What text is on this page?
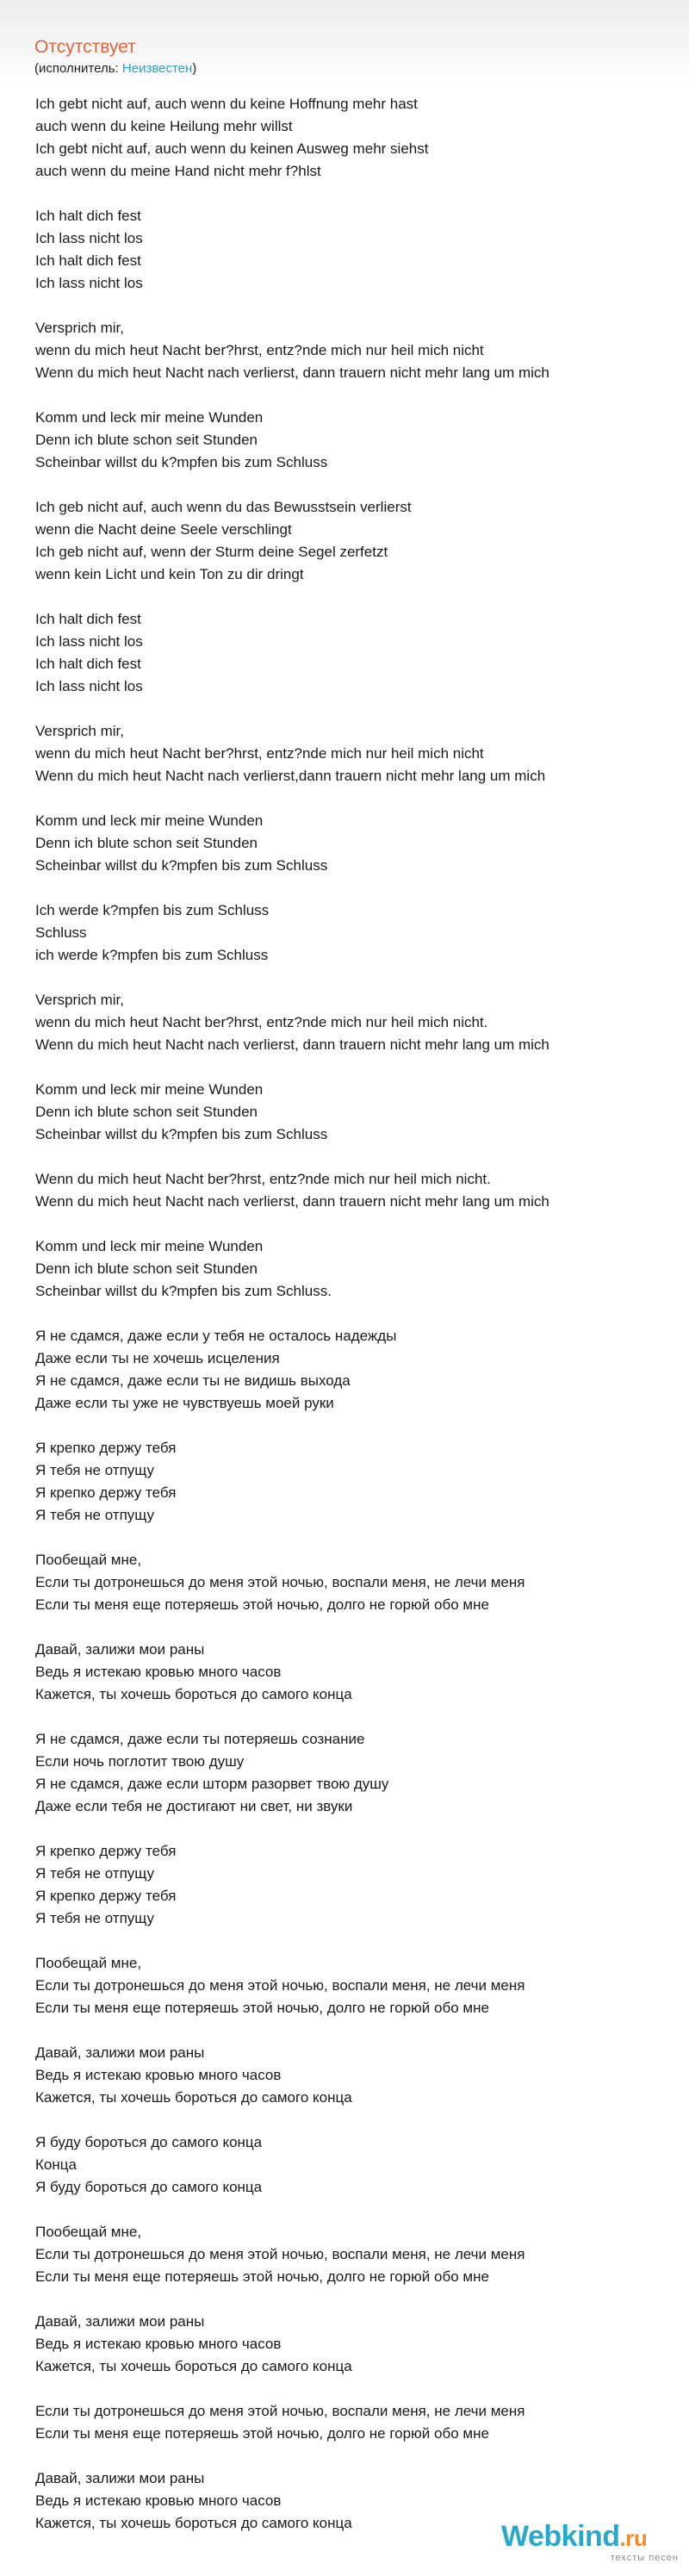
Отсутствует
(исполнитель: Неизвестен)
Ich gebt nicht auf, auch wenn du keine Hoffnung mehr hast
auch wenn du keine Heilung mehr willst
Ich gebt nicht auf, auch wenn du keinen Ausweg mehr siehst
auch wenn du meine Hand nicht mehr f?hlst
Ich halt dich fest
Ich lass nicht los
Ich halt dich fest
Ich lass nicht los
Versprich mir,
wenn du mich heut Nacht ber?hrst, entz?nde mich nur heil mich nicht
Wenn du mich heut Nacht nach verlierst, dann trauern nicht mehr lang um mich
Komm und leck mir meine Wunden
Denn ich blute schon seit Stunden
Scheinbar willst du k?mpfen bis zum Schluss
Ich geb nicht auf, auch wenn du das Bewusstsein verlierst
wenn die Nacht deine Seele verschlingt
Ich geb nicht auf, wenn der Sturm deine Segel zerfetzt
wenn kein Licht und kein Ton zu dir dringt
Ich halt dich fest
Ich lass nicht los
Ich halt dich fest
Ich lass nicht los
Versprich mir,
wenn du mich heut Nacht ber?hrst, entz?nde mich nur heil mich nicht
Wenn du mich heut Nacht nach verlierst,dann trauern nicht mehr lang um mich
Komm und leck mir meine Wunden
Denn ich blute schon seit Stunden
Scheinbar willst du k?mpfen bis zum Schluss
Ich werde k?mpfen bis zum Schluss
Schluss
ich werde k?mpfen bis zum Schluss
Versprich mir,
wenn du mich heut Nacht ber?hrst, entz?nde mich nur heil mich nicht.
Wenn du mich heut Nacht nach verlierst, dann trauern nicht mehr lang um mich
Komm und leck mir meine Wunden
Denn ich blute schon seit Stunden
Scheinbar willst du k?mpfen bis zum Schluss
Wenn du mich heut Nacht ber?hrst, entz?nde mich nur heil mich nicht.
Wenn du mich heut Nacht nach verlierst, dann trauern nicht mehr lang um mich
Komm und leck mir meine Wunden
Denn ich blute schon seit Stunden
Scheinbar willst du k?mpfen bis zum Schluss.
Я не сдамся, даже если у тебя не осталось надежды
Даже если ты не хочешь исцеления
Я не сдамся, даже если ты не видишь выхода
Даже если ты уже не чувствуешь моей руки
Я крепко держу тебя
Я тебя не отпущу
Я крепко держу тебя
Я тебя не отпущу
Пообещай мне,
Если ты дотронешься до меня этой ночью, воспали меня, не лечи меня
Если ты меня еще потеряешь этой ночью, долго не горюй обо мне
Давай, залижи мои раны
Ведь я истекаю кровью много часов
Кажется, ты хочешь бороться до самого конца
Я не сдамся, даже если ты потеряешь сознание
Если ночь поглотит твою душу
Я не сдамся, даже если шторм разорвет твою душу
Даже если тебя не достигают ни свет, ни звуки
Я крепко держу тебя
Я тебя не отпущу
Я крепко держу тебя
Я тебя не отпущу
Пообещай мне,
Если ты дотронешься до меня этой ночью, воспали меня, не лечи меня
Если ты меня еще потеряешь этой ночью, долго не горюй обо мне
Давай, залижи мои раны
Ведь я истекаю кровью много часов
Кажется, ты хочешь бороться до самого конца
Я буду бороться до самого конца
Конца
Я буду бороться до самого конца
Пообещай мне,
Если ты дотронешься до меня этой ночью, воспали меня, не лечи меня
Если ты меня еще потеряешь этой ночью, долго не горюй обо мне
Давай, залижи мои раны
Ведь я истекаю кровью много часов
Кажется, ты хочешь бороться до самого конца
Если ты дотронешься до меня этой ночью, воспали меня, не лечи меня
Если ты меня еще потеряешь этой ночью, долго не горюй обо мне
Давай, залижи мои раны
Ведь я истекаю кровью много часов
Кажется, ты хочешь бороться до самого конца	Webkind.ru
тексты песен
